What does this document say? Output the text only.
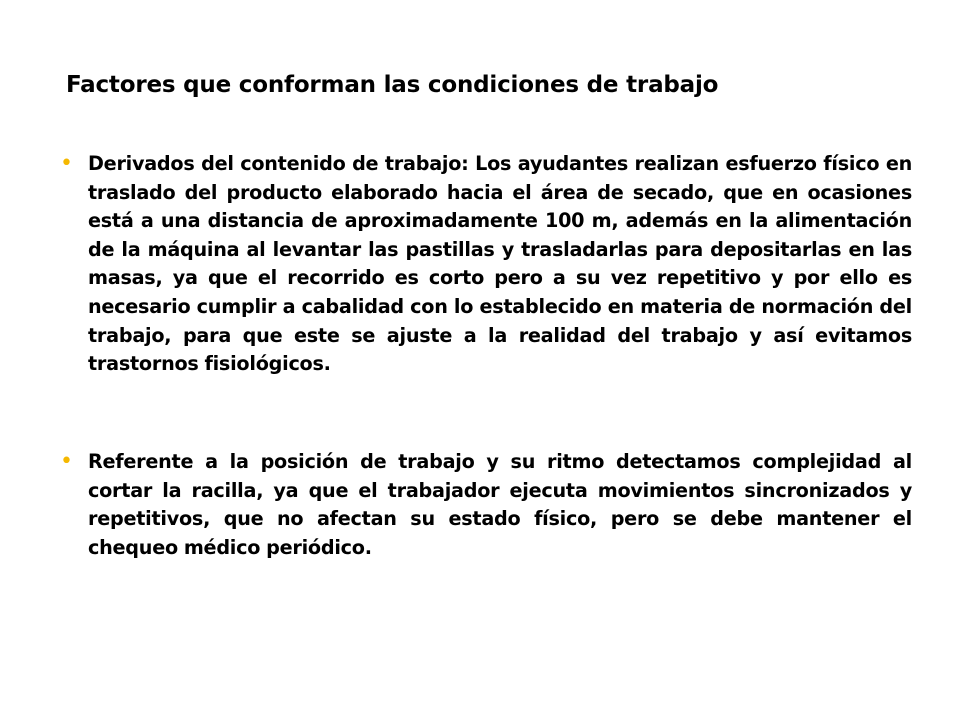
Factores que conforman las condiciones de trabajo
• Derivados del contenido de trabajo: Los ayudantes realizan esfuerzo físico en traslado del producto elaborado hacia el área de secado, que en ocasiones está a una distancia de aproximadamente 100 m, además en la alimentación de la máquina al levantar las pastillas y trasladarlas para depositarlas en las masas, ya que el recorrido es corto pero a su vez repetitivo y por ello es necesario cumplir a cabalidad con lo establecido en materia de normación del trabajo, para que este se ajuste a la realidad del trabajo y así evitamos trastornos fisiológicos.
• Referente a la posición de trabajo y su ritmo detectamos complejidad al cortar la racilla, ya que el trabajador ejecuta movimientos sincronizados y repetitivos, que no afectan su estado físico, pero se debe mantener el chequeo médico periódico.
